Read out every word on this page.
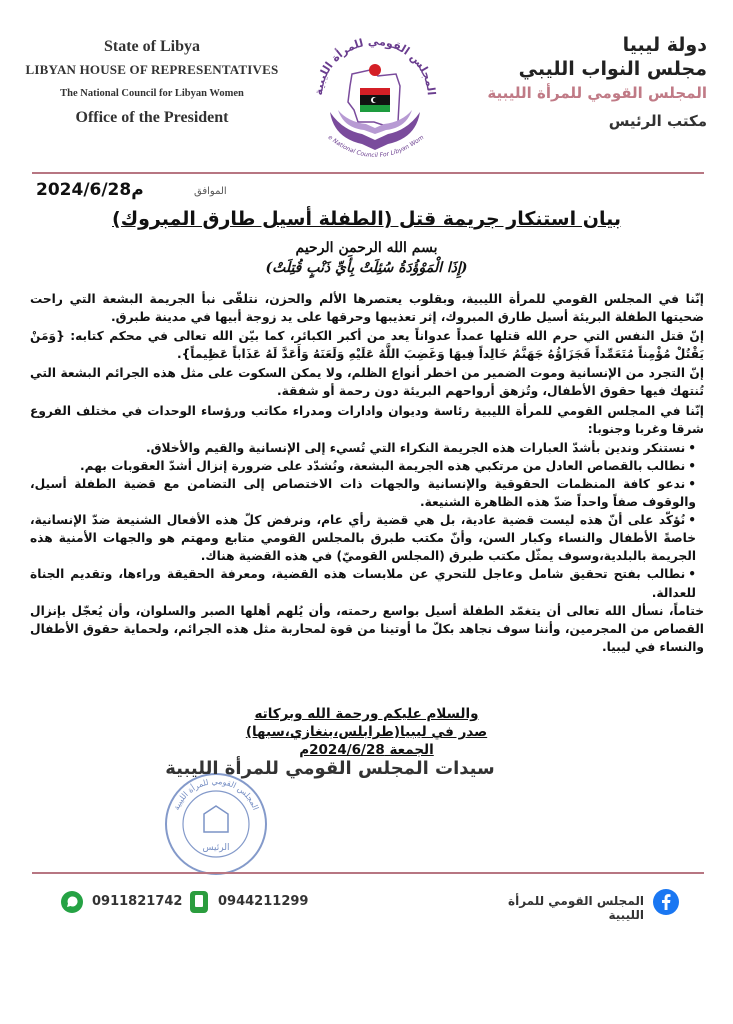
State of Libya
LIBYAN HOUSE OF REPRESENTATIVES
The National Council for Libyan Women
Office of the President
دولة ليبيا
مجلس النواب الليبي
المجلس القومي للمرأة الليبية
مكتب الرئيس
المجلس القومي للمرأة الليبية
e National Council For Libyan Wom
الموافق
2024/6/28م
بيان استنكار جريمة قتل (الطفلة أسيل طارق المبروك)
بسم الله الرحمن الرحيم
(إِذَا الْمَوْؤُدَةُ سُئِلَتْ بِأَيِّ ذَنْبٍ قُتِلَتْ)

إنّنا في المجلس القومي للمرأة الليبية، وبقلوب يعتصرها الألم والحزن، نتلقّى نبأ الجريمة البشعة التي راحت ضحيتها الطفلة البريئة أسيل طارق المبروك، إثر تعذيبها وحرقها على يد زوجة أبيها في مدينة طبرق.

إنّ قتل النفس التي حرم الله قتلها عمداً عدواناً يعد من أكبر الكبائر، كما بيّن الله تعالى في محكم كتابه: {وَمَنْ يَقْتُلْ مُؤْمِناً مُتَعَمِّداً فَجَزَاؤُهُ جَهَنَّمُ خَالِداً فِيهَا وَغَضِبَ اللَّهُ عَلَيْهِ وَلَعَنَهُ وَأَعَدَّ لَهُ عَذَاباً عَظِيماً}.

إنّ التجرد من الإنسانية وموت الضمير من اخطر أنواع الظلم، ولا يمكن السكوت على مثل هذه الجرائم البشعة التي تُنتهك فيها حقوق الأطفال، وتُزهق أرواحهم البريئة دون رحمة أو شفقة.

إنّنا في المجلس القومي للمرأة الليبية رئاسة وديوان وادارات ومدراء مكاتب ورؤساء الوحدات في مختلف الفروع شرقا وغربا وجنوبا:

• نستنكر وندين بأشدّ العبارات هذه الجريمة النكراء التي تُسيء إلى الإنسانية والقيم والأخلاق.
• نطالب بالقصاص العادل من مرتكبي هذه الجريمة البشعة، ونُشدّد على ضرورة إنزال أشدّ العقوبات بهم.
• ندعو كافة المنظمات الحقوقية والإنسانية والجهات ذات الاختصاص إلى التضامن مع قضية الطفلة أسيل، والوقوف صفاً واحداً ضدّ هذه الظاهرة الشنيعة.
• نُؤكّد على أنّ هذه ليست قضية عادية، بل هي قضية رأي عام، ونرفض كلّ هذه الأفعال الشنيعة ضدّ الإنسانية، خاصةً الأطفال والنساء وكبار السن، وأنّ مكتب طبرق بالمجلس القومي متابع ومهتم هو والجهات الأمنية هذه الجريمة بالبلدية،وسوف يمثّل مكتب طبرق (المجلس القوميّ) في هذه القضية هناك.
• نطالب بفتح تحقيق شامل وعاجل للتحري عن ملابسات هذه القضية، ومعرفة الحقيقة وراءها، وتقديم الجناة للعدالة.

ختاماً، نسأل الله تعالى أن يتغمّد الطفلة أسيل بواسع رحمته، وأن يُلهم أهلها الصبر والسلوان، وأن يُعجّل بإنزال القصاص من المجرمين، وأننا سوف نجاهد بكلّ ما أوتينا من قوة لمحاربة مثل هذه الجرائم، ولحماية حقوق الأطفال والنساء في ليبيا.

والسلام عليكم ورحمة الله وبركاته
صدر في ليبيا(طرابلس،بنغازي،سبها)
الجمعة 2024/6/28م
المجلس القومي للمرأة الليبية
الرئيس
سيدات المجلس القومي للمرأة الليبية
0911821742	0944211299	المجلس القومي للمرأة الليبية
